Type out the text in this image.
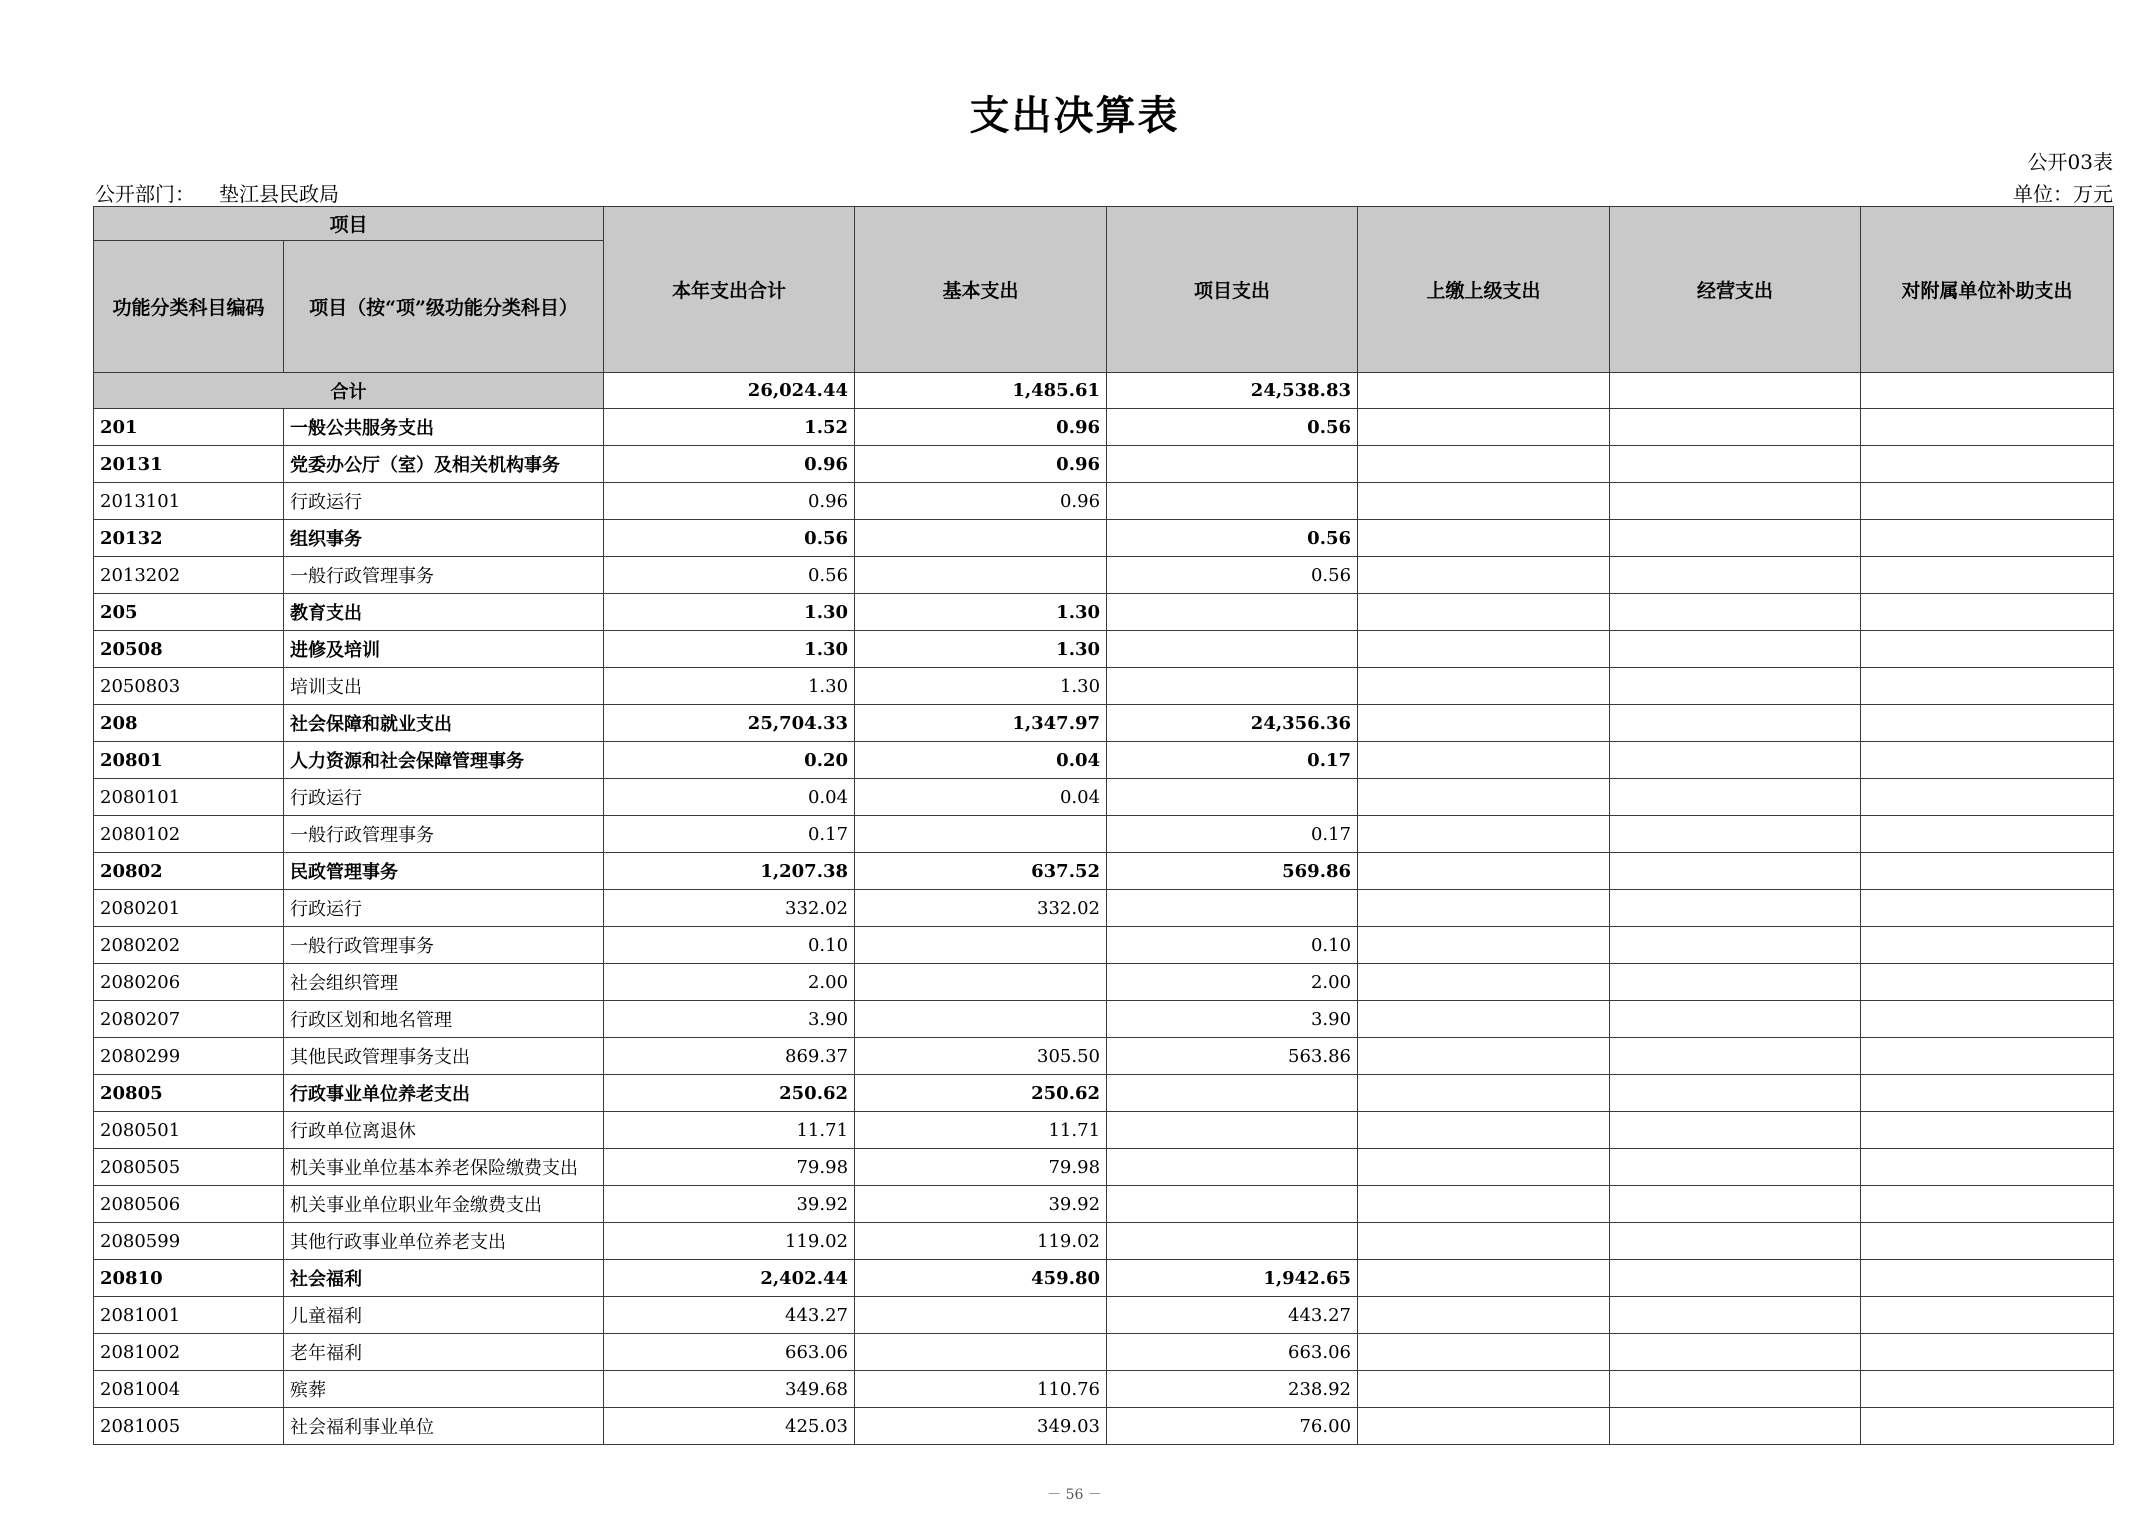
支出决算表
公开03表
公开部门： 垫江县民政局	单位：万元
项目		本年支出合计	基本支出	项目支出	上缴上级支出	经营支出	对附属单位补助支出
功能分类科目编码	项目（按“项”级功能分类科目）						
合计		26,024.44	1,485.61	24,538.83			
201	一般公共服务支出	1.52	0.96	0.56			
20131	党委办公厅（室）及相关机构事务	0.96	0.96				
2013101	行政运行	0.96	0.96				
20132	组织事务	0.56		0.56			
2013202	一般行政管理事务	0.56		0.56			
205	教育支出	1.30	1.30				
20508	进修及培训	1.30	1.30				
2050803	培训支出	1.30	1.30				
208	社会保障和就业支出	25,704.33	1,347.97	24,356.36			
20801	人力资源和社会保障管理事务	0.20	0.04	0.17			
2080101	行政运行	0.04	0.04				
2080102	一般行政管理事务	0.17		0.17			
20802	民政管理事务	1,207.38	637.52	569.86			
2080201	行政运行	332.02	332.02				
2080202	一般行政管理事务	0.10		0.10			
2080206	社会组织管理	2.00		2.00			
2080207	行政区划和地名管理	3.90		3.90			
2080299	其他民政管理事务支出	869.37	305.50	563.86			
20805	行政事业单位养老支出	250.62	250.62				
2080501	行政单位离退休	11.71	11.71				
2080505	机关事业单位基本养老保险缴费支出	79.98	79.98				
2080506	机关事业单位职业年金缴费支出	39.92	39.92				
2080599	其他行政事业单位养老支出	119.02	119.02				
20810	社会福利	2,402.44	459.80	1,942.65			
2081001	儿童福利	443.27		443.27			
2081002	老年福利	663.06		663.06			
2081004	殡葬	349.68	110.76	238.92			
2081005	社会福利事业单位	425.03	349.03	76.00			
－ 56 －
